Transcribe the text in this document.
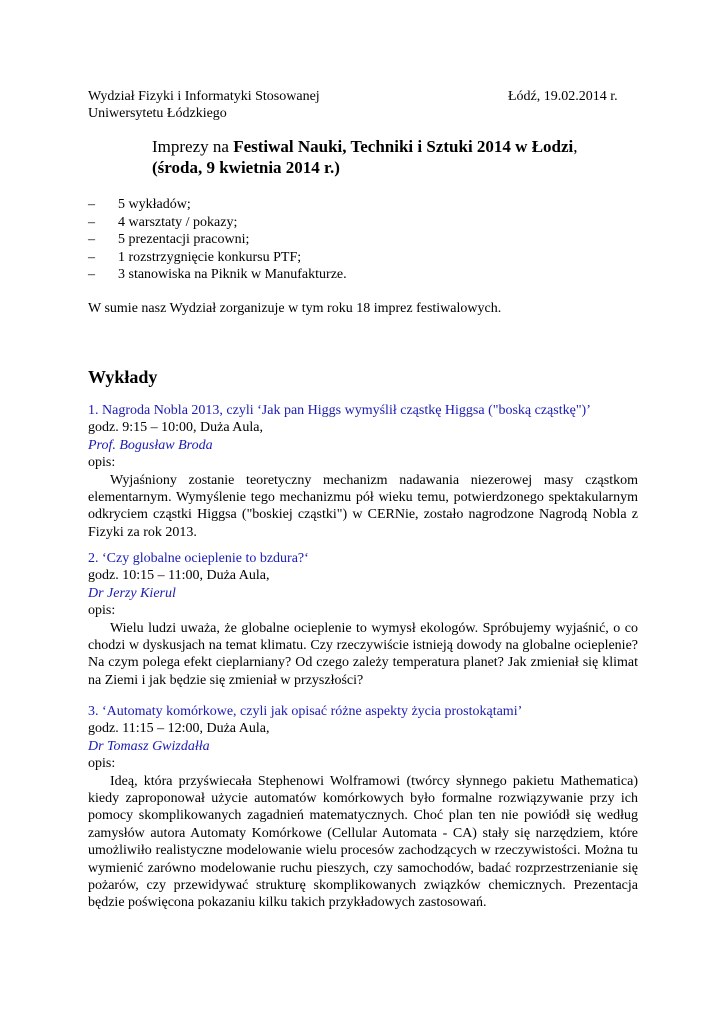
Wydział Fizyki i Informatyki Stosowanej
Uniwersytetu Łódzkiego
Łódź, 19.02.2014 r.
Imprezy na Festiwal Nauki, Techniki i Sztuki 2014 w Łodzi,
(środa, 9 kwietnia 2014 r.)
– 5 wykładów;
– 4 warsztaty / pokazy;
– 5 prezentacji pracowni;
– 1 rozstrzygnięcie konkursu PTF;
– 3 stanowiska na Piknik w Manufakturze.
W sumie nasz Wydział zorganizuje w tym roku 18 imprez festiwalowych.
Wykłady
1. Nagroda Nobla 2013, czyli ‘Jak pan Higgs wymyślił cząstkę Higgsa ("boską cząstkę")’
godz. 9:15 – 10:00, Duża Aula,
Prof. Bogusław Broda
opis:

Wyjaśniony zostanie teoretyczny mechanizm nadawania niezerowej masy cząstkom elementarnym. Wymyślenie tego mechanizmu pół wieku temu, potwierdzonego spektakularnym odkryciem cząstki Higgsa ("boskiej cząstki") w CERNie, zostało nagrodzone Nagrodą Nobla z Fizyki za rok 2013.

2. ‘Czy globalne ocieplenie to bzdura?‘
godz. 10:15 – 11:00, Duża Aula,
Dr Jerzy Kierul
opis:

Wielu ludzi uważa, że globalne ocieplenie to wymysł ekologów. Spróbujemy wyjaśnić, o co chodzi w dyskusjach na temat klimatu. Czy rzeczywiście istnieją dowody na globalne ocieplenie? Na czym polega efekt cieplarniany? Od czego zależy temperatura planet? Jak zmieniał się klimat na Ziemi i jak będzie się zmieniał w przyszłości?

3. ‘Automaty komórkowe, czyli jak opisać różne aspekty życia prostokątami’
godz. 11:15 – 12:00, Duża Aula,
Dr Tomasz Gwizdałła
opis:

Ideą, która przyświecała Stephenowi Wolframowi (twórcy słynnego pakietu Mathematica) kiedy zaproponował użycie automatów komórkowych było formalne rozwiązywanie przy ich pomocy skomplikowanych zagadnień matematycznych. Choć plan ten nie powiódł się według zamysłów autora Automaty Komórkowe (Cellular Automata - CA) stały się narzędziem, które umożliwiło realistyczne modelowanie wielu procesów zachodzących w rzeczywistości. Można tu wymienić zarówno modelowanie ruchu pieszych, czy samochodów, badać rozprzestrzenianie się pożarów, czy przewidywać strukturę skomplikowanych związków chemicznych. Prezentacja będzie poświęcona pokazaniu kilku takich przykładowych zastosowań.
